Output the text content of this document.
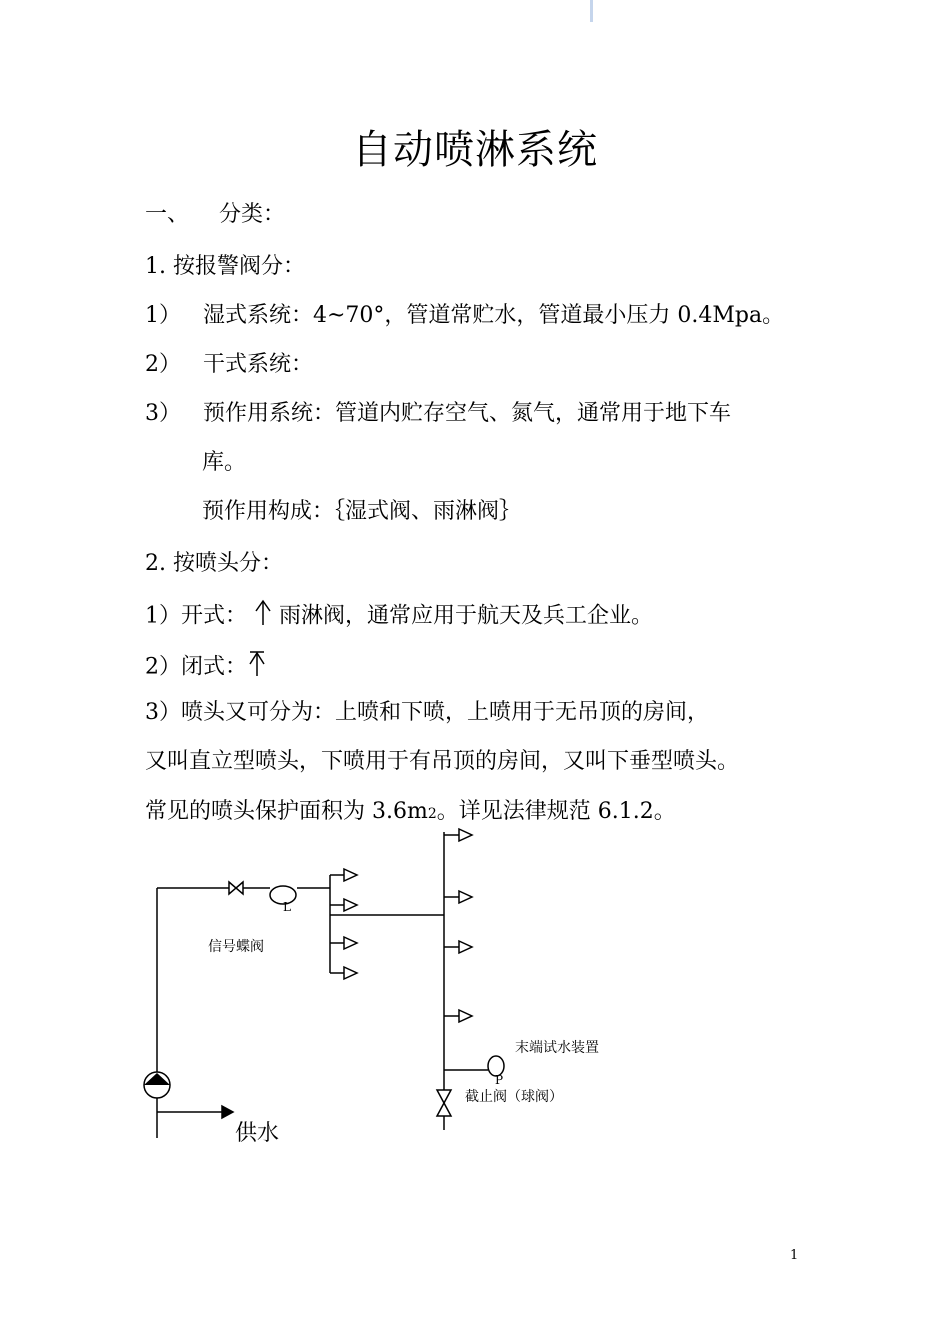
自动喷淋系统
一、 分类：
1. 按报警阀分：
1） 湿式系统：4~70°，管道常贮水，管道最小压力 0.4Mpa。
2） 干式系统：
3） 预作用系统：管道内贮存空气、氮气，通常用于地下车
库。
预作用构成：｛湿式阀、雨淋阀｝
2. 按喷头分：
1）开式： 雨淋阀，通常应用于航天及兵工企业。
2）闭式：
3）喷头又可分为：上喷和下喷，上喷用于无吊顶的房间，
又叫直立型喷头，下喷用于有吊顶的房间，又叫下垂型喷头。
常见的喷头保护面积为 3.6m2。详见法律规范 6.1.2。
信号蝶阀
L
末端试水装置
P
截止阀（球阀）
供水
1
